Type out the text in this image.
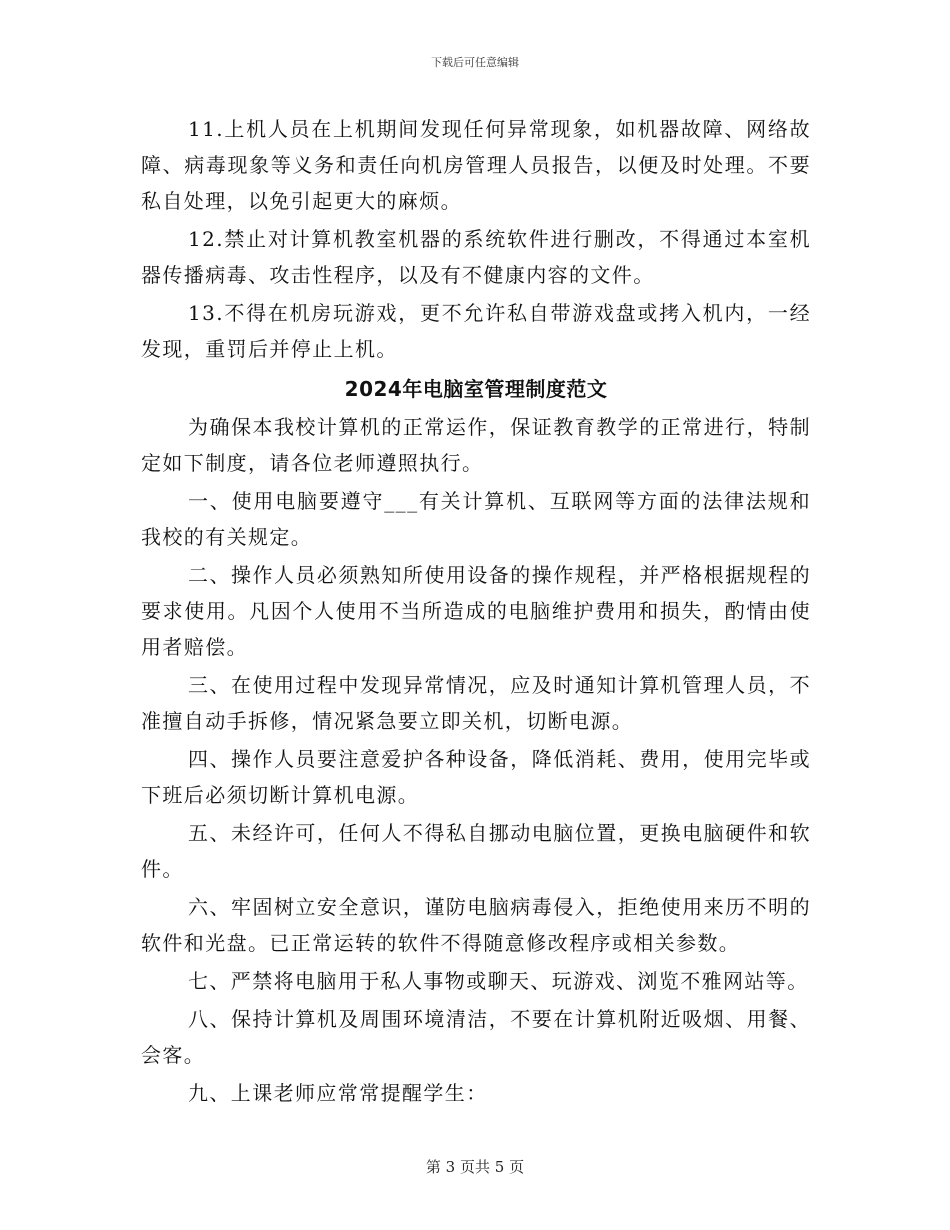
下载后可任意编辑

11.上机人员在上机期间发现任何异常现象，如机器故障、网络故障、病毒现象等义务和责任向机房管理人员报告，以便及时处理。不要私自处理，以免引起更大的麻烦。

12.禁止对计算机教室机器的系统软件进行删改，不得通过本室机器传播病毒、攻击性程序，以及有不健康内容的文件。

13.不得在机房玩游戏，更不允许私自带游戏盘或拷入机内，一经发现，重罚后并停止上机。

2024年电脑室管理制度范文

为确保本我校计算机的正常运作，保证教育教学的正常进行，特制定如下制度，请各位老师遵照执行。

一、使用电脑要遵守___有关计算机、互联网等方面的法律法规和我校的有关规定。

二、操作人员必须熟知所使用设备的操作规程，并严格根据规程的要求使用。凡因个人使用不当所造成的电脑维护费用和损失，酌情由使用者赔偿。

三、在使用过程中发现异常情况，应及时通知计算机管理人员，不准擅自动手拆修，情况紧急要立即关机，切断电源。

四、操作人员要注意爱护各种设备，降低消耗、费用，使用完毕或下班后必须切断计算机电源。

五、未经许可，任何人不得私自挪动电脑位置，更换电脑硬件和软件。

六、牢固树立安全意识，谨防电脑病毒侵入，拒绝使用来历不明的软件和光盘。已正常运转的软件不得随意修改程序或相关参数。

七、严禁将电脑用于私人事物或聊天、玩游戏、浏览不雅网站等。

八、保持计算机及周围环境清洁，不要在计算机附近吸烟、用餐、会客。

九、上课老师应常常提醒学生：

第 3 页共 5 页
